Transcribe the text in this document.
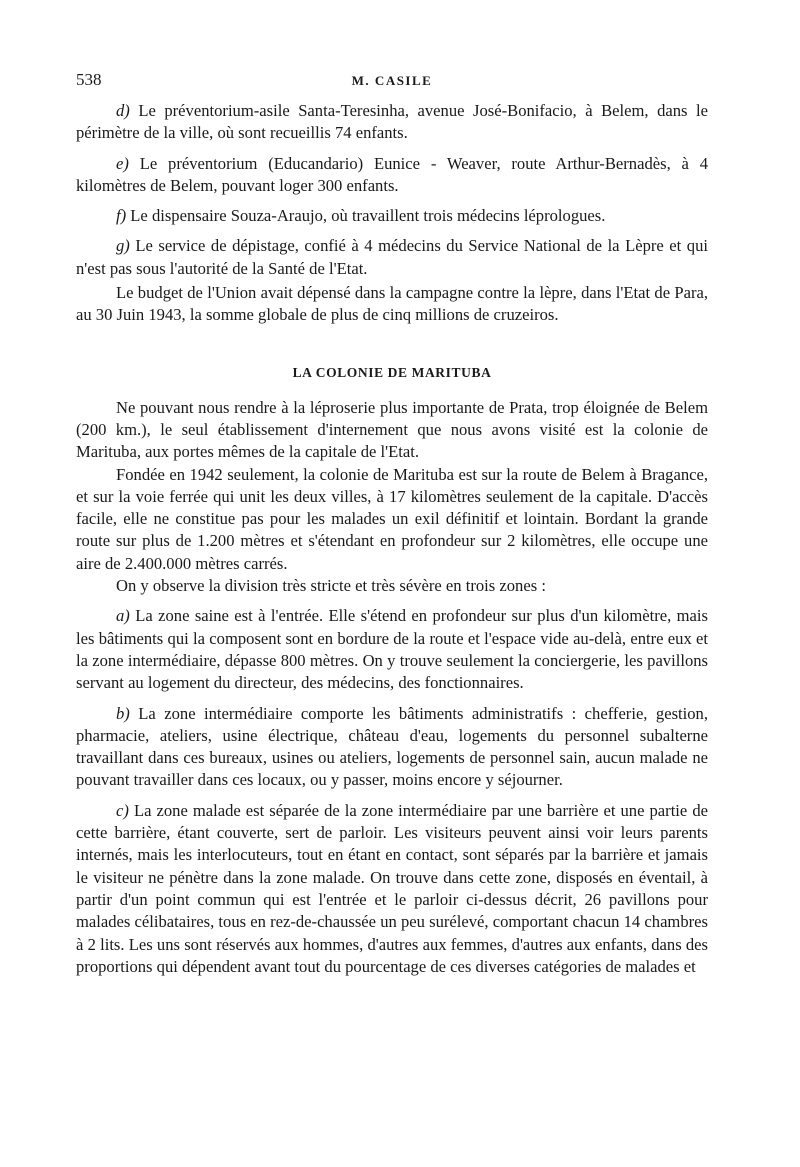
538	M. CASILE

d) Le préventorium-asile Santa-Teresinha, avenue José-Bonifacio, à Belem, dans le périmètre de la ville, où sont recueillis 74 enfants.

e) Le préventorium (Educandario) Eunice - Weaver, route Arthur-Bernadès, à 4 kilomètres de Belem, pouvant loger 300 enfants.

f) Le dispensaire Souza-Araujo, où travaillent trois médecins léprologues.

g) Le service de dépistage, confié à 4 médecins du Service National de la Lèpre et qui n'est pas sous l'autorité de la Santé de l'Etat.

Le budget de l'Union avait dépensé dans la campagne contre la lèpre, dans l'Etat de Para, au 30 Juin 1943, la somme globale de plus de cinq millions de cruzeiros.

LA COLONIE DE MARITUBA

Ne pouvant nous rendre à la léproserie plus importante de Prata, trop éloignée de Belem (200 km.), le seul établissement d'internement que nous avons visité est la colonie de Marituba, aux portes mêmes de la capitale de l'Etat.

Fondée en 1942 seulement, la colonie de Marituba est sur la route de Belem à Bragance, et sur la voie ferrée qui unit les deux villes, à 17 kilomètres seulement de la capitale. D'accès facile, elle ne constitue pas pour les malades un exil définitif et lointain. Bordant la grande route sur plus de 1.200 mètres et s'étendant en profondeur sur 2 kilomètres, elle occupe une aire de 2.400.000 mètres carrés.

On y observe la division très stricte et très sévère en trois zones :

a) La zone saine est à l'entrée. Elle s'étend en profondeur sur plus d'un kilomètre, mais les bâtiments qui la composent sont en bordure de la route et l'espace vide au-delà, entre eux et la zone intermédiaire, dépasse 800 mètres. On y trouve seulement la conciergerie, les pavillons servant au logement du directeur, des médecins, des fonctionnaires.

b) La zone intermédiaire comporte les bâtiments administratifs : chefferie, gestion, pharmacie, ateliers, usine électrique, château d'eau, logements du personnel subalterne travaillant dans ces bureaux, usines ou ateliers, logements de personnel sain, aucun malade ne pouvant travailler dans ces locaux, ou y passer, moins encore y séjourner.

c) La zone malade est séparée de la zone intermédiaire par une barrière et une partie de cette barrière, étant couverte, sert de parloir. Les visiteurs peuvent ainsi voir leurs parents internés, mais les interlocuteurs, tout en étant en contact, sont séparés par la barrière et jamais le visiteur ne pénètre dans la zone malade. On trouve dans cette zone, disposés en éventail, à partir d'un point commun qui est l'entrée et le parloir ci-dessus décrit, 26 pavillons pour malades célibataires, tous en rez-de-chaussée un peu surélevé, comportant chacun 14 chambres à 2 lits. Les uns sont réservés aux hommes, d'autres aux femmes, d'autres aux enfants, dans des proportions qui dépendent avant tout du pourcentage de ces diverses catégories de malades et
